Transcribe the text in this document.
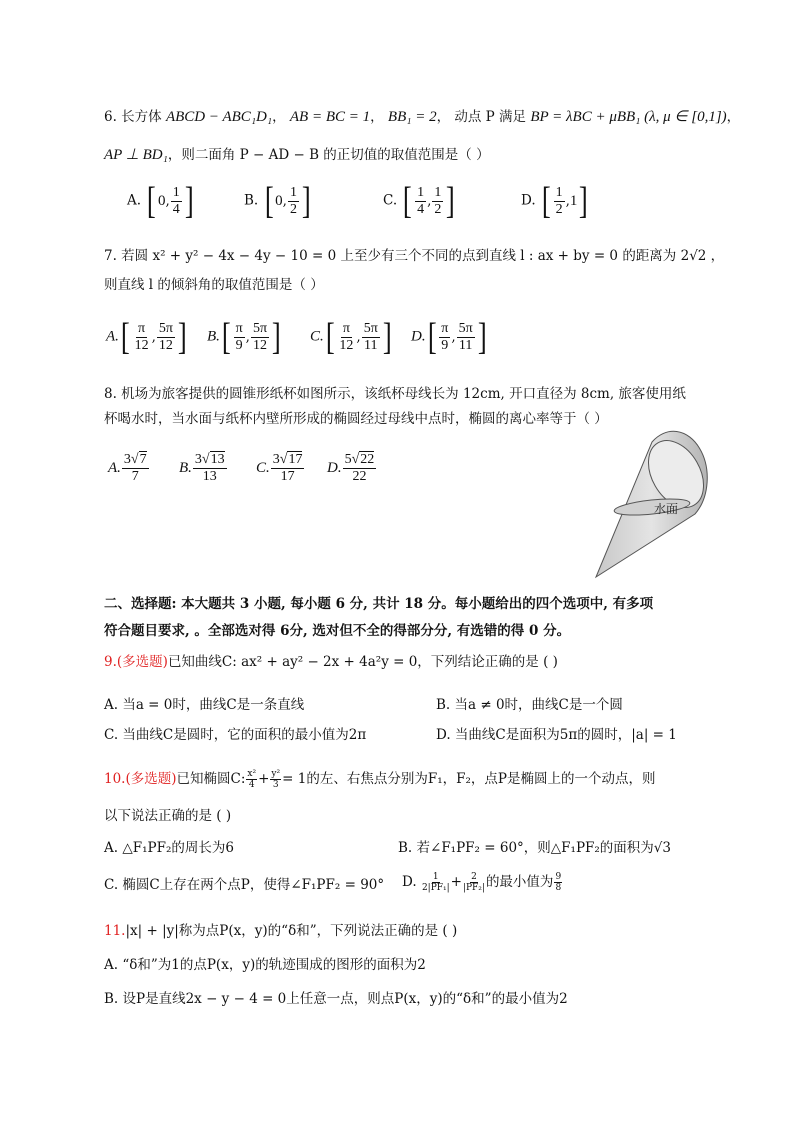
6. 长方体 ABCD − ABC₁D₁， AB = BC = 1， BB₁ = 2， 动点 P 满足 BP = λBC + μBB₁ (λ, μ ∈ [0,1])，
AP ⊥ BD₁，则二面角 P − AD − B 的正切值的取值范围是（ ）
A. [ 0 , $\frac{1}{4}$ ]	B. [ 0 , $\frac{1}{2}$ ]	C. [ $\frac{1}{4}$ , $\frac{1}{2}$ ]	D. [ $\frac{1}{2}$ , 1 ]
7. 若圆 x² + y² − 4x − 4y − 10 = 0 上至少有三个不同的点到直线 l : ax + by = 0 的距离为 2√2 ，
则直线 l 的倾斜角的取值范围是（ ）
A. [ $\frac{\pi}{12}$ , $\frac{5\pi}{12}$ ] B. [ $\frac{\pi}{9}$ , $\frac{5\pi}{12}$ ] C. [ $\frac{\pi}{12}$ , $\frac{5\pi}{11}$ ] D. [ $\frac{\pi}{9}$ , $\frac{5\pi}{11}$ ]
8. 机场为旅客提供的圆锥形纸杯如图所示，该纸杯母线长为 12cm, 开口直径为 8cm, 旅客使用纸
杯喝水时，当水面与纸杯内壁所形成的椭圆经过母线中点时，椭圆的离心率等于（ ）
A. $\frac{3√7}{7} B$. $\frac{3√13}{13} C$. $\frac{3√17}{17} D$. $\frac{5√22}{22}$
水面
二、选择题: 本大题共 3 小题, 每小题 6 分, 共计 18 分。每小题给出的四个选项中, 有多项
符合题目要求, 。全部选对得 6分, 选对但不全的得部分分, 有选错的得 0 分。
9.(多选题)已知曲线C: ax² + ay² − 2x + 4a²y = 0，下列结论正确的是 ( )
A. 当a = 0时，曲线C是一条直线	B. 当a ≠ 0时，曲线C是一个圆
C. 当曲线C是圆时，它的面积的最小值为2π	D. 当曲线C是面积为5π的圆时，|a| = 1
10.(多选题)已知椭圆C: $\frac{\text{x²}}{4} + \frac{\text{y²}}{3} = 1$的左、右焦点分别为F₁，F₂，点P是椭圆上的一个动点，则
以下说法正确的是 ( )
A. △F₁PF₂的周长为6	B. 若∠F₁PF₂ = 60°，则△F₁PF₂的面积为√3
C. 椭圆C上存在两个点P，使得∠F₁PF₂ = 90° D. $\frac{1}{\text{2|PF₁|}} + \frac{2}{\text{|PF₂|}}$ 的最小值为 $\frac{9}{8}$
11.|x| + |y|称为点P(x，y)的“δ和”，下列说法正确的是 ( )
A. “δ和”为1的点P(x，y)的轨迹围成的图形的面积为2
B. 设P是直线2x − y − 4 = 0上任意一点，则点P(x，y)的“δ和”的最小值为2
